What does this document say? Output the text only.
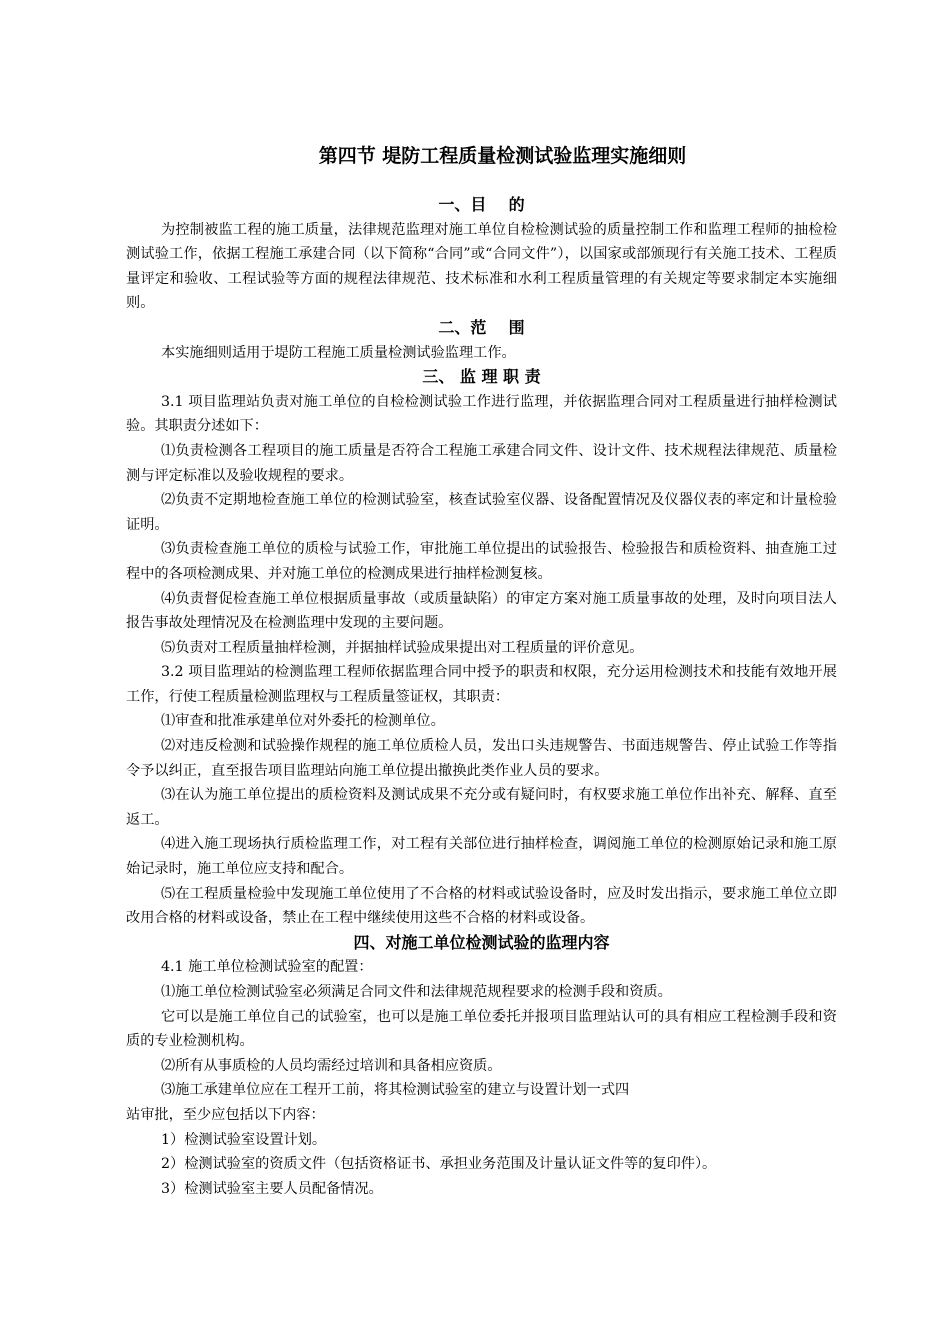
第四节 堤防工程质量检测试验监理实施细则
一、目    的

为控制被监工程的施工质量，法律规范监理对施工单位自检检测试验的质量控制工作和监理工程师的抽检检测试验工作，依据工程施工承建合同（以下简称“合同”或“合同文件”），以国家或部颁现行有关施工技术、工程质量评定和验收、工程试验等方面的规程法律规范、技术标准和水利工程质量管理的有关规定等要求制定本实施细则。

二、范    围

本实施细则适用于堤防工程施工质量检测试验监理工作。

三、 监 理 职 责

3.1 项目监理站负责对施工单位的自检检测试验工作进行监理，并依据监理合同对工程质量进行抽样检测试验。其职责分述如下：

⑴负责检测各工程项目的施工质量是否符合工程施工承建合同文件、设计文件、技术规程法律规范、质量检测与评定标准以及验收规程的要求。

⑵负责不定期地检查施工单位的检测试验室，核查试验室仪器、设备配置情况及仪器仪表的率定和计量检验证明。

⑶负责检查施工单位的质检与试验工作，审批施工单位提出的试验报告、检验报告和质检资料、抽查施工过程中的各项检测成果、并对施工单位的检测成果进行抽样检测复核。

⑷负责督促检查施工单位根据质量事故（或质量缺陷）的审定方案对施工质量事故的处理，及时向项目法人报告事故处理情况及在检测监理中发现的主要问题。

⑸负责对工程质量抽样检测，并据抽样试验成果提出对工程质量的评价意见。

3.2 项目监理站的检测监理工程师依据监理合同中授予的职责和权限，充分运用检测技术和技能有效地开展工作，行使工程质量检测监理权与工程质量签证权，其职责：

⑴审查和批准承建单位对外委托的检测单位。

⑵对违反检测和试验操作规程的施工单位质检人员，发出口头违规警告、书面违规警告、停止试验工作等指令予以纠正，直至报告项目监理站向施工单位提出撤换此类作业人员的要求。

⑶在认为施工单位提出的质检资料及测试成果不充分或有疑问时，有权要求施工单位作出补充、解释、直至返工。

⑷进入施工现场执行质检监理工作，对工程有关部位进行抽样检查，调阅施工单位的检测原始记录和施工原始记录时，施工单位应支持和配合。

⑸在工程质量检验中发现施工单位使用了不合格的材料或试验设备时，应及时发出指示，要求施工单位立即改用合格的材料或设备，禁止在工程中继续使用这些不合格的材料或设备。

四、对施工单位检测试验的监理内容

4.1 施工单位检测试验室的配置：

⑴施工单位检测试验室必须满足合同文件和法律规范规程要求的检测手段和资质。

它可以是施工单位自己的试验室，也可以是施工单位委托并报项目监理站认可的具有相应工程检测手段和资质的专业检测机构。

⑵所有从事质检的人员均需经过培训和具备相应资质。

⑶施工承建单位应在工程开工前，将其检测试验室的建立与设置计划一式四

站审批，至少应包括以下内容：

1）检测试验室设置计划。

2）检测试验室的资质文件（包括资格证书、承担业务范围及计量认证文件等的复印件）。

3）检测试验室主要人员配备情况。
